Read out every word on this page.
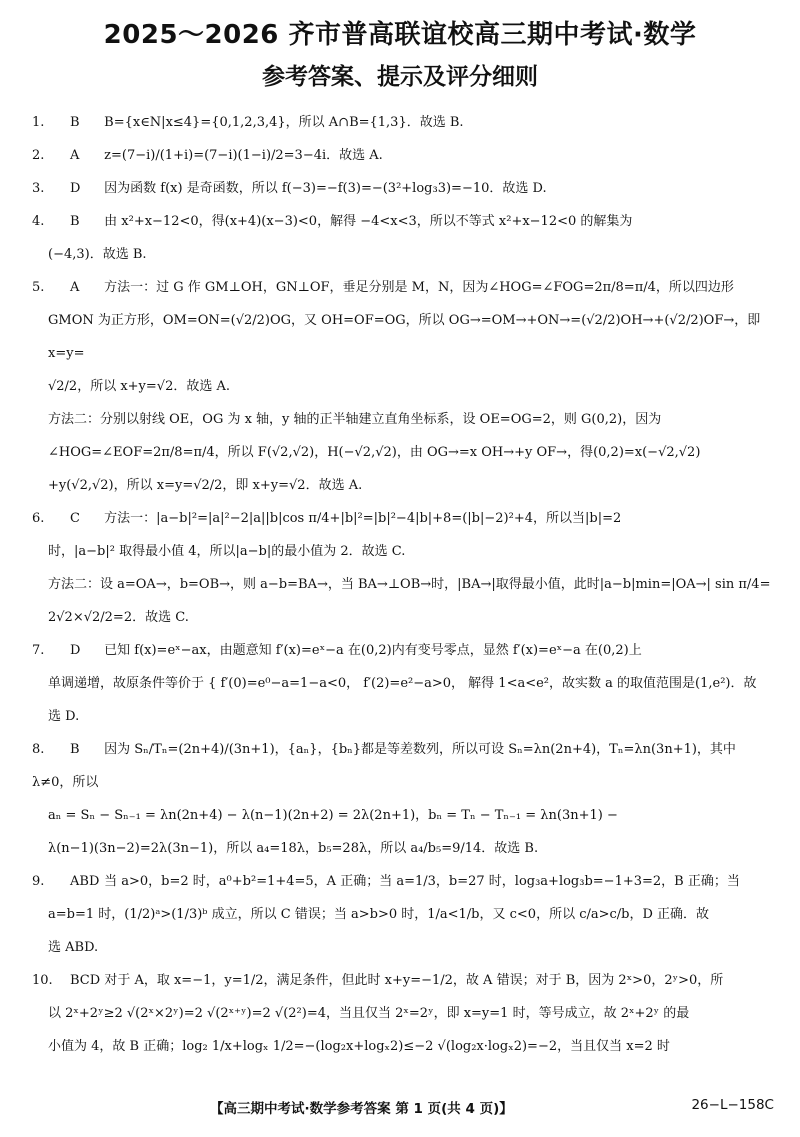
2025～2026 齐市普高联谊校高三期中考试·数学
参考答案、提示及评分细则
1. B B={x∈N|x≤4}={0,1,2,3,4}，所以 A∩B={1,3}．故选 B.
2. A z=(7−i)/(1+i)=(7−i)(1−i)/2=3−4i．故选 A.
3. D 因为函数 f(x) 是奇函数，所以 f(−3)=−f(3)=−(3²+log₃3)=−10．故选 D.
4. B 由 x²+x−12<0，得(x+4)(x−3)<0，解得 −4<x<3，所以不等式 x²+x−12<0 的解集为
(−4,3)．故选 B.
5. A 方法一：过 G 作 GM⊥OH，GN⊥OF，垂足分别是 M，N，因为∠HOG=∠FOG=2π/8=π/4，所以四边形
GMON 为正方形，OM=ON=(√2/2)OG，又 OH=OF=OG，所以 OG→=OM→+ON→=(√2/2)OH→+(√2/2)OF→，即 x=y=
√2/2，所以 x+y=√2．故选 A.
方法二：分别以射线 OE，OG 为 x 轴，y 轴的正半轴建立直角坐标系，设 OE=OG=2，则 G(0,2)，因为
∠HOG=∠EOF=2π/8=π/4，所以 F(√2,√2)，H(−√2,√2)，由 OG→=x OH→+y OF→，得(0,2)=x(−√2,√2)
+y(√2,√2)，所以 x=y=√2/2，即 x+y=√2．故选 A.
6. C 方法一：|a−b|²=|a|²−2|a||b|cos π/4+|b|²=|b|²−4|b|+8=(|b|−2)²+4，所以当|b|=2
时，|a−b|² 取得最小值 4，所以|a−b|的最小值为 2．故选 C.
方法二：设 a=OA→，b=OB→，则 a−b=BA→，当 BA→⊥OB→时，|BA→|取得最小值，此时|a−b|min=|OA→| sin π/4=
2√2×√2/2=2．故选 C.
7. D 已知 f(x)=eˣ−ax，由题意知 f′(x)=eˣ−a 在(0,2)内有变号零点，显然 f′(x)=eˣ−a 在(0,2)上
单调递增，故原条件等价于 { f′(0)=e⁰−a=1−a<0， f′(2)=e²−a>0， 解得 1<a<e²，故实数 a 的取值范围是(1,e²)．故
选 D.
8. B 因为 Sₙ/Tₙ=(2n+4)/(3n+1)，{aₙ}，{bₙ}都是等差数列，所以可设 Sₙ=λn(2n+4)，Tₙ=λn(3n+1)，其中 λ≠0，所以
aₙ = Sₙ − Sₙ₋₁ = λn(2n+4) − λ(n−1)(2n+2) = 2λ(2n+1)，bₙ = Tₙ − Tₙ₋₁ = λn(3n+1) −
λ(n−1)(3n−2)=2λ(3n−1)，所以 a₄=18λ，b₅=28λ，所以 a₄/b₅=9/14．故选 B.
9. ABD 当 a>0，b=2 时，a⁰+b²=1+4=5，A 正确；当 a=1/3，b=27 时，log₃a+log₃b=−1+3=2，B 正确；当
a=b=1 时，(1/2)ᵃ>(1/3)ᵇ 成立，所以 C 错误；当 a>b>0 时，1/a<1/b，又 c<0，所以 c/a>c/b，D 正确．故
选 ABD.
10. BCD 对于 A，取 x=−1，y=1/2，满足条件，但此时 x+y=−1/2，故 A 错误；对于 B，因为 2ˣ>0，2ʸ>0，所
以 2ˣ+2ʸ≥2 √(2ˣ×2ʸ)=2 √(2ˣ⁺ʸ)=2 √(2²)=4，当且仅当 2ˣ=2ʸ，即 x=y=1 时，等号成立，故 2ˣ+2ʸ 的最
小值为 4，故 B 正确；log₂ 1/x+logₓ 1/2=−(log₂x+logₓ2)≤−2 √(log₂x·logₓ2)=−2，当且仅当 x=2 时
【高三期中考试·数学参考答案 第 1 页(共 4 页)】	26−L−158C
